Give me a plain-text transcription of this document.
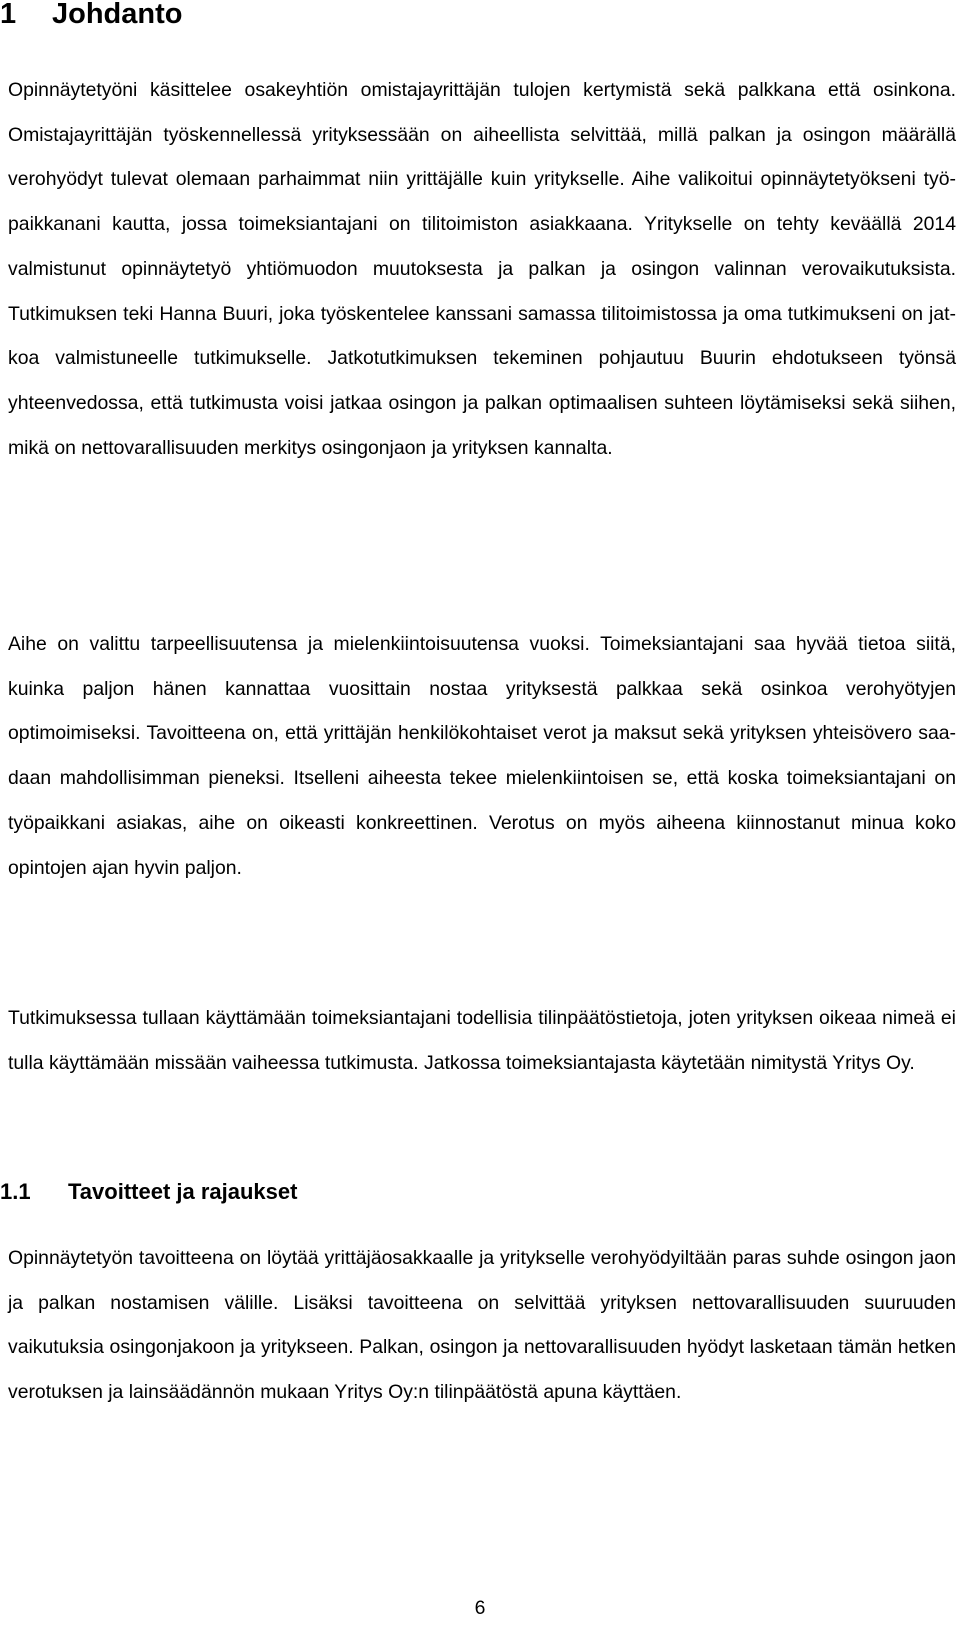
1 Johdanto

Opinnäytetyöni käsittelee osakeyhtiön omistajayrittäjän tulojen kertymistä sekä palkkana että osinkona. Omistajayrittäjän työskennellessä yrityksessään on aiheellista selvittää, millä palkan ja osingon määrällä verohyödyt tulevat olemaan parhaimmat niin yrittäjälle kuin yritykselle. Aihe valikoitui opinnäytetyökseni työpaikkanani kautta, jossa toimeksiantajani on tilitoimiston asiakkaana. Yritykselle on tehty keväällä 2014 valmistunut opinnäytetyö yhtiömuodon muutoksesta ja palkan ja osingon valinnan verovaikutuksista. Tutkimuksen teki Hanna Buuri, joka työskentelee kanssani samassa tilitoimistossa ja oma tutkimukseni on jatkoa valmistuneelle tutkimukselle. Jatkotutkimuksen tekeminen pohjautuu Buurin ehdotukseen työnsä yhteenvedossa, että tutkimusta voisi jatkaa osingon ja palkan optimaalisen suhteen löytämiseksi sekä siihen, mikä on nettovarallisuuden merkitys osingonjaon ja yrityksen kannalta.

Aihe on valittu tarpeellisuutensa ja mielenkiintoisuutensa vuoksi. Toimeksiantajani saa hyvää tietoa siitä, kuinka paljon hänen kannattaa vuosittain nostaa yrityksestä palkkaa sekä osinkoa verohyötyjen optimoimiseksi. Tavoitteena on, että yrittäjän henkilökohtaiset verot ja maksut sekä yrityksen yhteisövero saadaan mahdollisimman pieneksi. Itselleni aiheesta tekee mielenkiintoisen se, että koska toimeksiantajani on työpaikkani asiakas, aihe on oikeasti konkreettinen. Verotus on myös aiheena kiinnostanut minua koko opintojen ajan hyvin paljon.

Tutkimuksessa tullaan käyttämään toimeksiantajani todellisia tilinpäätöstietoja, joten yrityksen oikeaa nimeä ei tulla käyttämään missään vaiheessa tutkimusta. Jatkossa toimeksiantajasta käytetään nimitystä Yritys Oy.

1.1 Tavoitteet ja rajaukset

Opinnäytetyön tavoitteena on löytää yrittäjäosakkaalle ja yritykselle verohyödyiltään paras suhde osingon jaon ja palkan nostamisen välille. Lisäksi tavoitteena on selvittää yrityksen nettovarallisuuden suuruuden vaikutuksia osingonjakoon ja yritykseen. Palkan, osingon ja nettovarallisuuden hyödyt lasketaan tämän hetken verotuksen ja lainsäädännön mukaan Yritys Oy:n tilinpäätöstä apuna käyttäen.

6
